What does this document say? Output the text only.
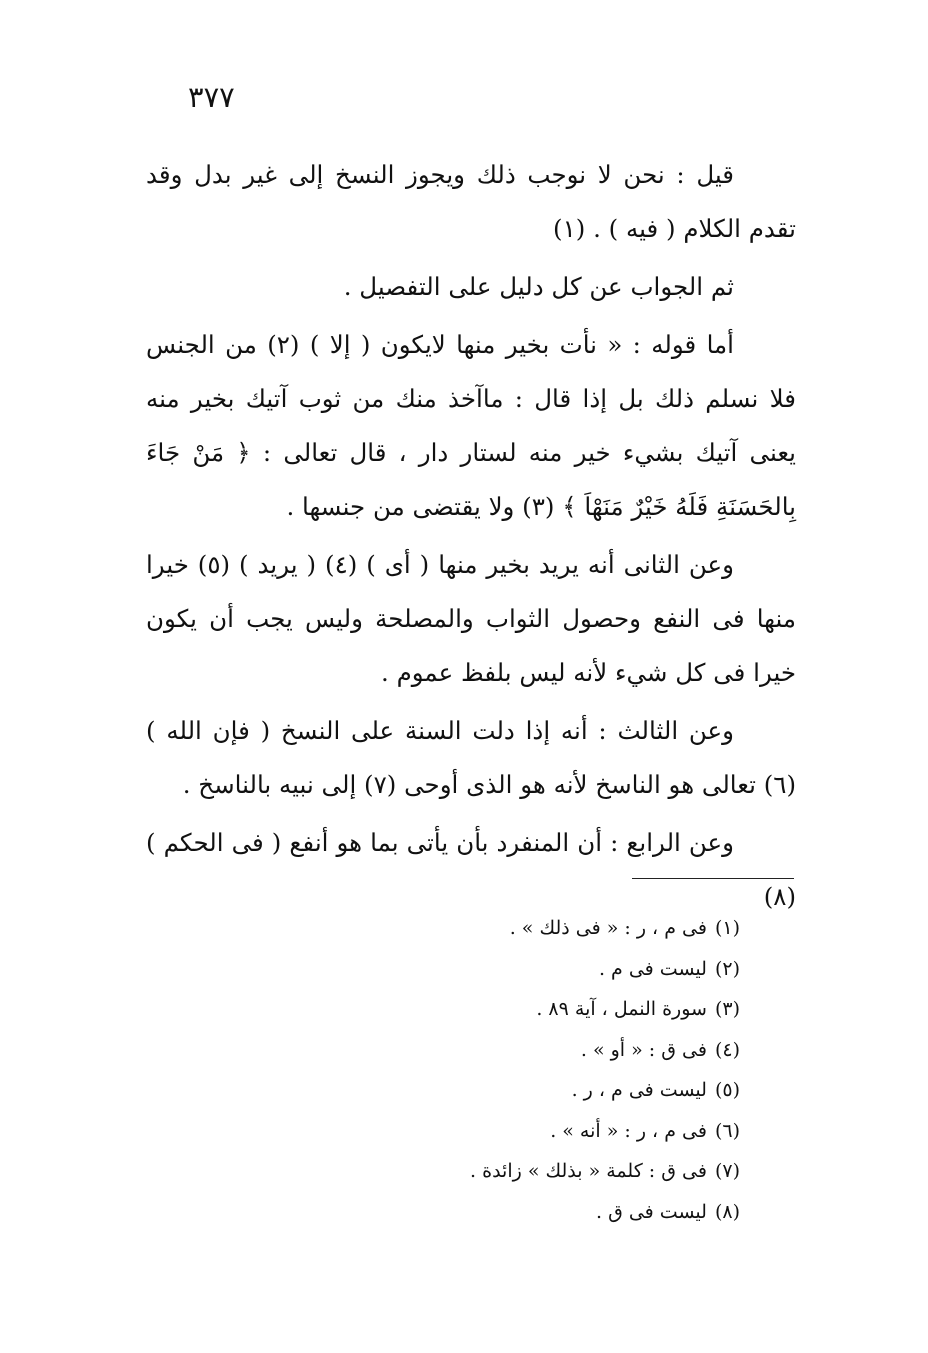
٣٧٧

قيل : نحن لا نوجب ذلك ويجوز النسخ إلى غير بدل وقد تقدم الكلام ( فيه ) . (١)

ثم الجواب عن كل دليل على التفصيل .

أما قوله : « نأت بخير منها لايكون ( إلا ) (٢) من الجنس فلا نسلم ذلك بل إذا قال : ماآخذ منك من ثوب آتيك بخير منه يعنى آتيك بشيء خير منه لستار دار ، قال تعالى : ﴿ مَنْ جَاءَ بِالحَسَنَةِ فَلَهُ خَيْرٌ مَنَهْاَ ﴾ (٣) ولا يقتضى من جنسها .

وعن الثانى أنه يريد بخير منها ( أى ) (٤) ( يريد ) (٥) خيرا منها فى النفع وحصول الثواب والمصلحة وليس يجب أن يكون خيرا فى كل شيء لأنه ليس بلفظ عموم .

وعن الثالث : أنه إذا دلت السنة على النسخ ( فإن الله ) (٦) تعالى هو الناسخ لأنه هو الذى أوحى (٧) إلى نبيه بالناسخ .

وعن الرابع : أن المنفرد بأن يأتى بما هو أنفع ( فى الحكم ) (٨)

(١)فى م ، ر : « فى ذلك » .
(٢)ليست فى م .
(٣)سورة النمل ، آية ٨٩ .
(٤)فى ق : « أو » .
(٥)ليست فى م ، ر .
(٦)فى م ، ر : « أنه » .
(٧)فى ق : كلمة « بذلك » زائدة .
(٨)ليست فى ق .
